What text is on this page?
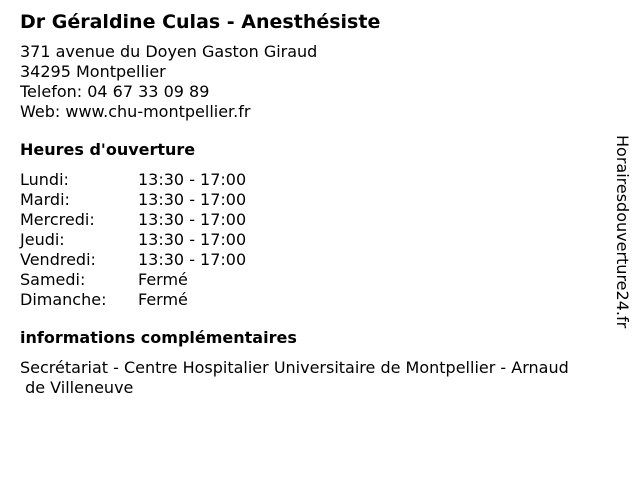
Dr Géraldine Culas - Anesthésiste
371 avenue du Doyen Gaston Giraud
34295 Montpellier
Telefon: 04 67 33 09 89
Web: www.chu-montpellier.fr
Heures d'ouverture
Lundi:	13:30 - 17:00
Mardi:	13:30 - 17:00
Mercredi:	13:30 - 17:00
Jeudi:	13:30 - 17:00
Vendredi:	13:30 - 17:00
Samedi:	Fermé
Dimanche:	Fermé
informations complémentaires
Secrétariat - Centre Hospitalier Universitaire de Montpellier - Arnaud
de Villeneuve
Horairesdouverture24.fr
